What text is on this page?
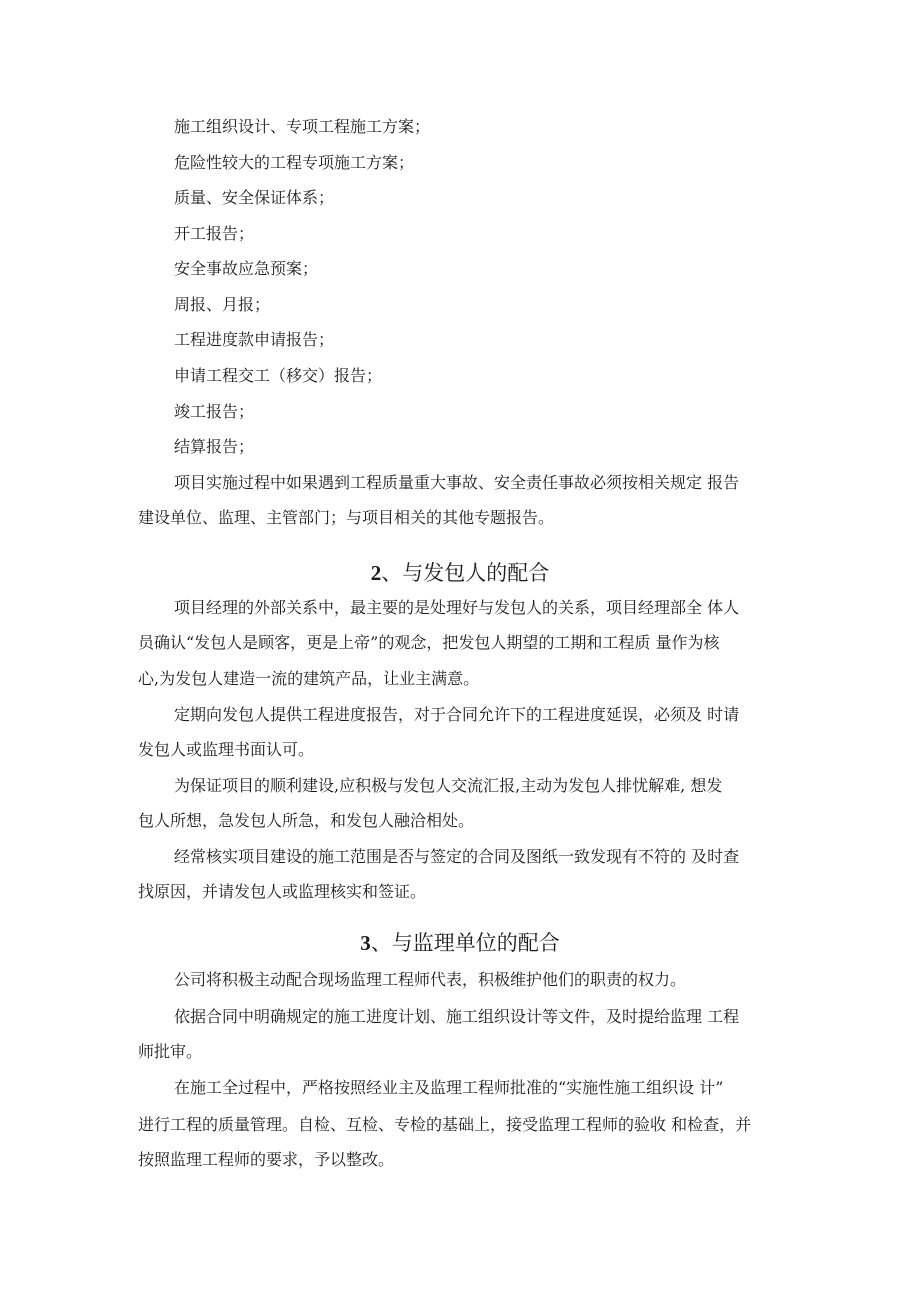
施工组织设计、专项工程施工方案；
危险性较大的工程专项施工方案；
质量、安全保证体系；
开工报告；
安全事故应急预案；
周报、月报；
工程进度款申请报告；
申请工程交工（移交）报告；
竣工报告；
结算报告；
项目实施过程中如果遇到工程质量重大事故、安全责任事故必须按相关规定 报告
建设单位、监理、主管部门；与项目相关的其他专题报告。
2、与发包人的配合
项目经理的外部关系中，最主要的是处理好与发包人的关系，项目经理部全 体人
员确认“发包人是顾客，更是上帝”的观念，把发包人期望的工期和工程质 量作为核
心,为发包人建造一流的建筑产品，让业主满意。
定期向发包人提供工程进度报告，对于合同允许下的工程进度延误，必须及 时请
发包人或监理书面认可。
为保证项目的顺利建设,应积极与发包人交流汇报,主动为发包人排忧解难, 想发
包人所想，急发包人所急，和发包人融洽相处。
经常核实项目建设的施工范围是否与签定的合同及图纸一致发现有不符的 及时查
找原因，并请发包人或监理核实和签证。
3、与监理单位的配合
公司将积极主动配合现场监理工程师代表，积极维护他们的职责的权力。
依据合同中明确规定的施工进度计划、施工组织设计等文件，及时提给监理 工程
师批审。
在施工全过程中，严格按照经业主及监理工程师批准的“实施性施工组织设 计”
进行工程的质量管理。自检、互检、专检的基础上，接受监理工程师的验收 和检查，并
按照监理工程师的要求，予以整改。
